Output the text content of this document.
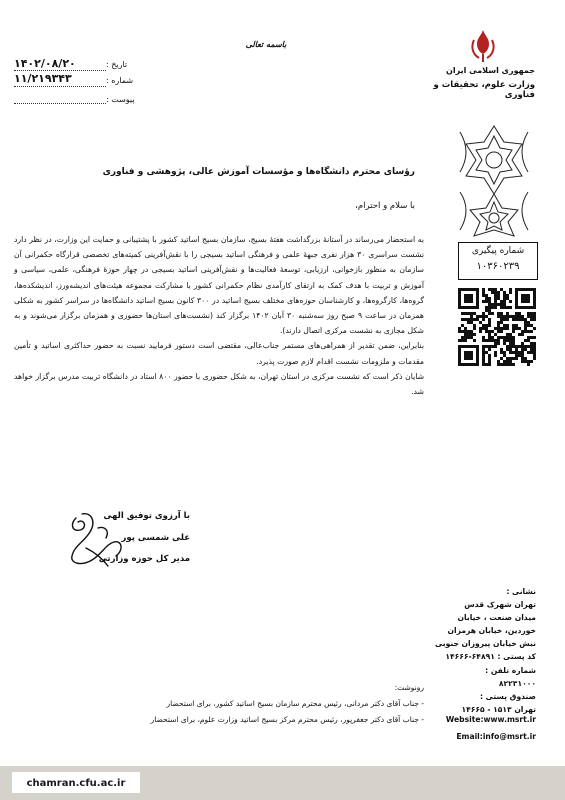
جمهوری اسلامی ایران
وزارت علوم، تحقیقات و فناوری
باسمه تعالی
۱۴۰۲/۰۸/۲۰	تاریخ :
۱۱/۲۱۹۳۴۳	شماره :
پیوست :
رؤسای محترم دانشگاه‌ها و مؤسسات آموزش عالی، پژوهشی و فناوری
با سلام و احترام،

به استحضار می‌رساند در آستانهٔ بزرگداشت هفتهٔ بسیج، سازمان بسیج اساتید کشور با پشتیبانی و حمایت این وزارت، در نظر دارد نشست سراسری ۳۰ هزار نفری جبههٔ علمی و فرهنگی اساتید بسیجی را با نقش‌آفرینی کمیته‌های تخصصی قرارگاه حکمرانی آن سازمان به منظور بازخوانی، ارزیابی، توسعهٔ فعالیت‌ها و نقش‌آفرینی اساتید بسیجی در چهار حوزهٔ فرهنگی، علمی، سیاسی و آموزش و تربیت با هدف کمک به ارتقای کارآمدی نظام حکمرانی کشور با مشارکت مجموعه هیئت‌های اندیشه‌ورز، اندیشکده‌ها، گروه‌ها، کارگروه‌ها، و کارشناسان حوزه‌های مختلف بسیج اساتید در ۳۰۰ کانون بسیج اساتید دانشگاه‌ها در سراسر کشور به شکلی همزمان در ساعت ۹ صبح روز سه‌شنبه ۳۰ آبان ۱۴۰۲ برگزار کند (نشست‌های استان‌ها حضوری و همزمان برگزار می‌شوند و به شکل مجازی به نشست مرکزی اتصال دارند).

بنابراین، ضمن تقدیر از همراهی‌های مستمر جناب‌عالی، مقتضی است دستور فرمایید نسبت به حضور حداکثری اساتید و تأمین مقدمات و ملزومات نشست اقدام لازم صورت پذیرد.

شایان ذکر است که نشست مرکزی در استان تهران، به شکل حضوری با حضور ۸۰۰ استاد در دانشگاه تربیت مدرس برگزار خواهد شد.

شماره پیگیری
۱۰۳۶۰۲۳۹
با آرزوی توفیق الهی
علی شمسی پور
مدیر کل حوزه وزارتی
نشانی :
تهران شهرک قدس
میدان صنعت ، خیابان
خوردین، خیابان هرمزان
نبش خیابان پیروزان جنوبی
کد پستی : ۶۴۸۹۱-۱۴۶۶۶
شماره تلفن :
۸۲۲۳۱۰۰۰
صندوق پستی :
تهران ۱۵۱۳ - ۱۴۶۶۵
Website:www.msrt.ir
Email:info@msrt.ir
رونوشت:
- جناب آقای دکتر مردانی، رئیس محترم سازمان بسیج اساتید کشور، برای استحضار
- جناب آقای دکتر جعفرپور، رئیس محترم مرکز بسیج اساتید وزارت علوم، برای استحضار
chamran.cfu.ac.ir
